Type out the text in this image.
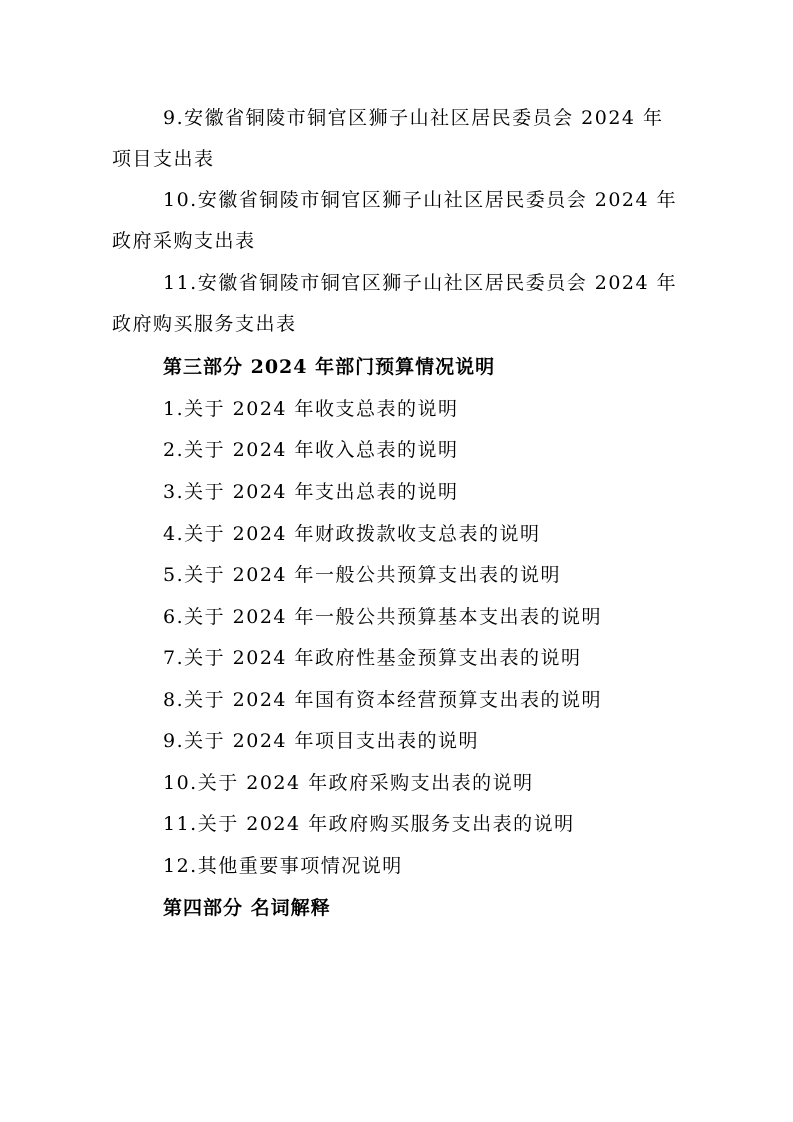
9.安徽省铜陵市铜官区狮子山社区居民委员会 2024 年
项目支出表
10.安徽省铜陵市铜官区狮子山社区居民委员会 2024 年
政府采购支出表
11.安徽省铜陵市铜官区狮子山社区居民委员会 2024 年
政府购买服务支出表
第三部分 2024 年部门预算情况说明
1.关于 2024 年收支总表的说明
2.关于 2024 年收入总表的说明
3.关于 2024 年支出总表的说明
4.关于 2024 年财政拨款收支总表的说明
5.关于 2024 年一般公共预算支出表的说明
6.关于 2024 年一般公共预算基本支出表的说明
7.关于 2024 年政府性基金预算支出表的说明
8.关于 2024 年国有资本经营预算支出表的说明
9.关于 2024 年项目支出表的说明
10.关于 2024 年政府采购支出表的说明
11.关于 2024 年政府购买服务支出表的说明
12.其他重要事项情况说明
第四部分 名词解释
